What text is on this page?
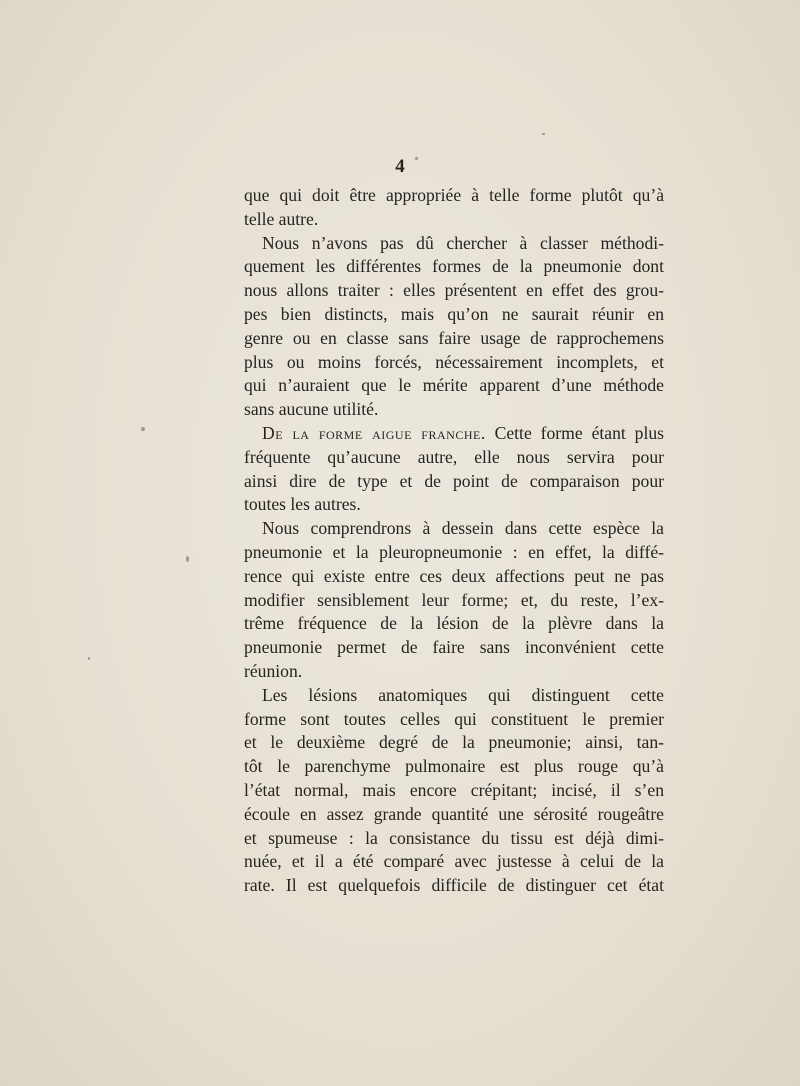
4
que qui doit être appropriée à telle forme plutôt qu’à
telle autre.
Nous n’avons pas dû chercher à classer méthodi-
quement les différentes formes de la pneumonie dont
nous allons traiter : elles présentent en effet des grou-
pes bien distincts, mais qu’on ne saurait réunir en
genre ou en classe sans faire usage de rapprochemens
plus ou moins forcés, nécessairement incomplets, et
qui n’auraient que le mérite apparent d’une méthode
sans aucune utilité.
De la forme aigue franche. Cette forme étant plus
fréquente qu’aucune autre, elle nous servira pour
ainsi dire de type et de point de comparaison pour
toutes les autres.
Nous comprendrons à dessein dans cette espèce la
pneumonie et la pleuropneumonie : en effet, la diffé-
rence qui existe entre ces deux affections peut ne pas
modifier sensiblement leur forme; et, du reste, l’ex-
trême fréquence de la lésion de la plèvre dans la
pneumonie permet de faire sans inconvénient cette
réunion.
Les lésions anatomiques qui distinguent cette
forme sont toutes celles qui constituent le premier
et le deuxième degré de la pneumonie; ainsi, tan-
tôt le parenchyme pulmonaire est plus rouge qu’à
l’état normal, mais encore crépitant; incisé, il s’en
écoule en assez grande quantité une sérosité rougeâtre
et spumeuse : la consistance du tissu est déjà dimi-
nuée, et il a été comparé avec justesse à celui de la
rate. Il est quelquefois difficile de distinguer cet état
